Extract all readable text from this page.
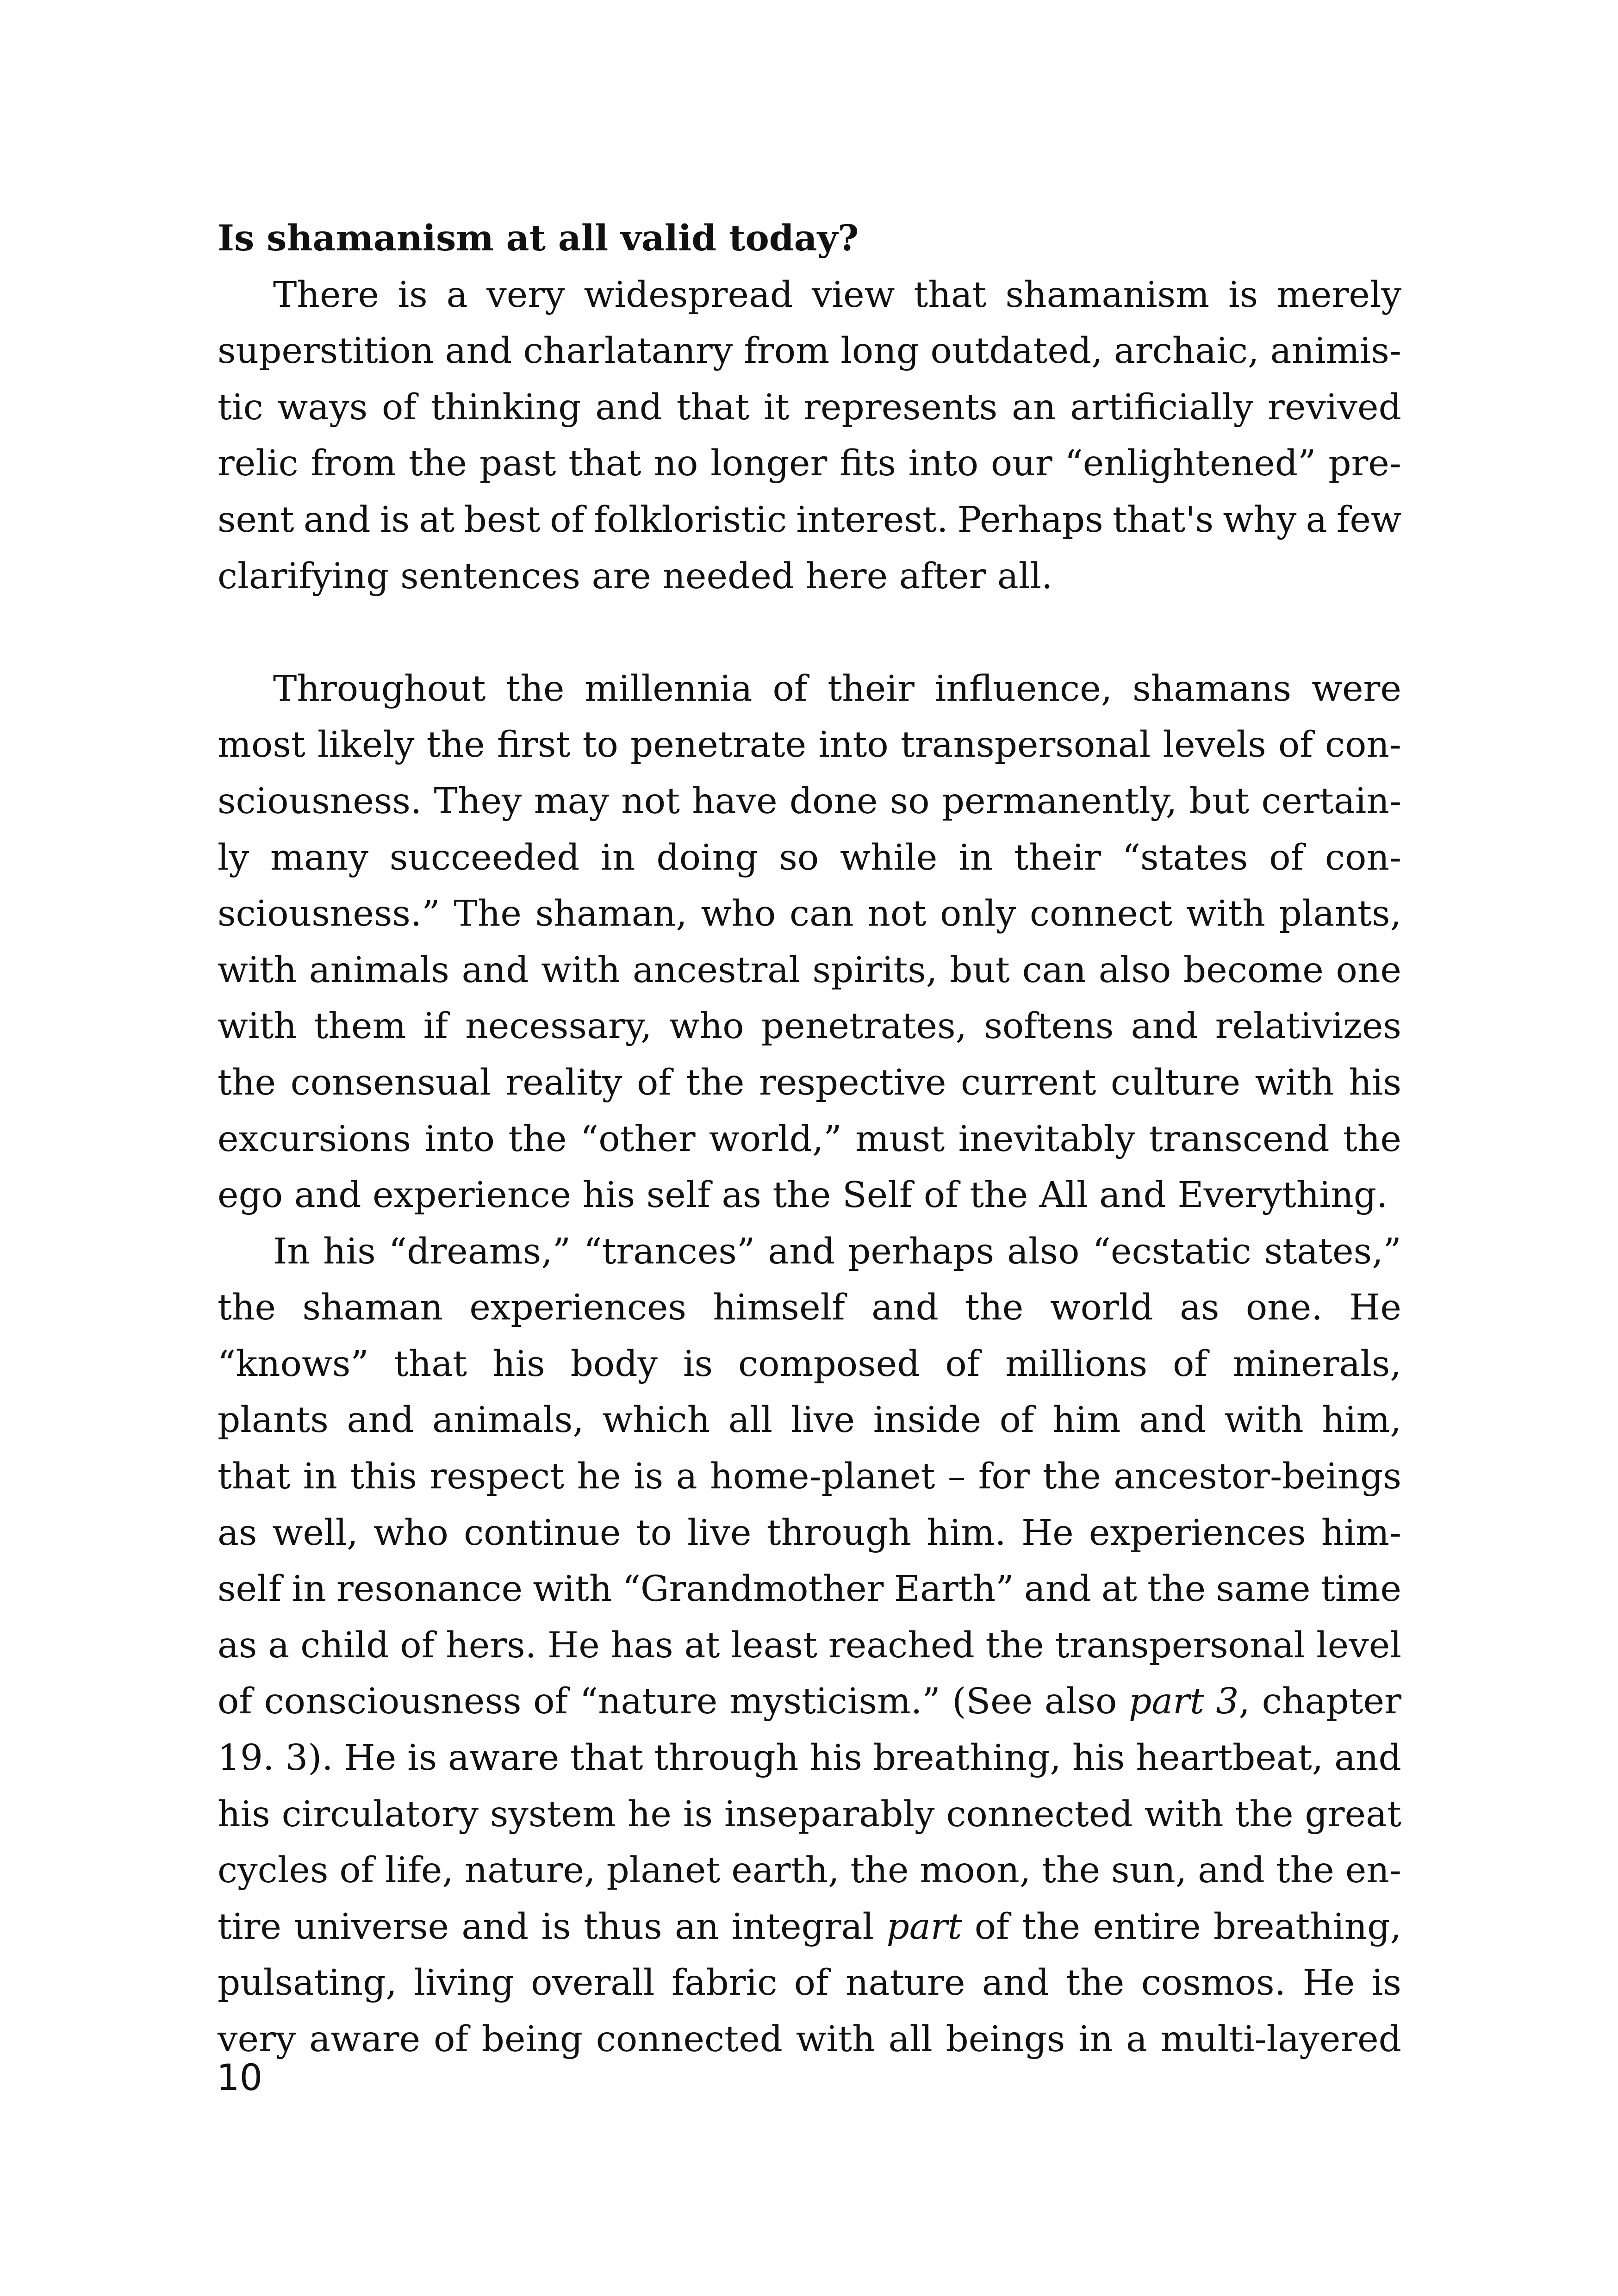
Is shamanism at all valid today?
There is a very widespread view that shamanism is merely
superstition and charlatanry from long outdated, archaic, animis-
tic ways of thinking and that it represents an artificially revived
relic from the past that no longer fits into our “enlightened” pre-
sent and is at best of folkloristic interest. Perhaps that's why a few
clarifying sentences are needed here after all.
Throughout the millennia of their influence, shamans were
most likely the first to penetrate into transpersonal levels of con-
sciousness. They may not have done so permanently, but certain-
ly many succeeded in doing so while in their “states of con-
sciousness.” The shaman, who can not only connect with plants,
with animals and with ancestral spirits, but can also become one
with them if necessary, who penetrates, softens and relativizes
the consensual reality of the respective current culture with his
excursions into the “other world,” must inevitably transcend the
ego and experience his self as the Self of the All and Everything.
In his “dreams,” “trances” and perhaps also “ecstatic states,”
the shaman experiences himself and the world as one. He
“knows” that his body is composed of millions of minerals,
plants and animals, which all live inside of him and with him,
that in this respect he is a home-planet – for the ancestor-beings
as well, who continue to live through him. He experiences him-
self in resonance with “Grandmother Earth” and at the same time
as a child of hers. He has at least reached the transpersonal level
of consciousness of “nature mysticism.” (See also part 3, chapter
19. 3). He is aware that through his breathing, his heartbeat, and
his circulatory system he is inseparably connected with the great
cycles of life, nature, planet earth, the moon, the sun, and the en-
tire universe and is thus an integral part of the entire breathing,
pulsating, living overall fabric of nature and the cosmos. He is
very aware of being connected with all beings in a multi-layered
10
